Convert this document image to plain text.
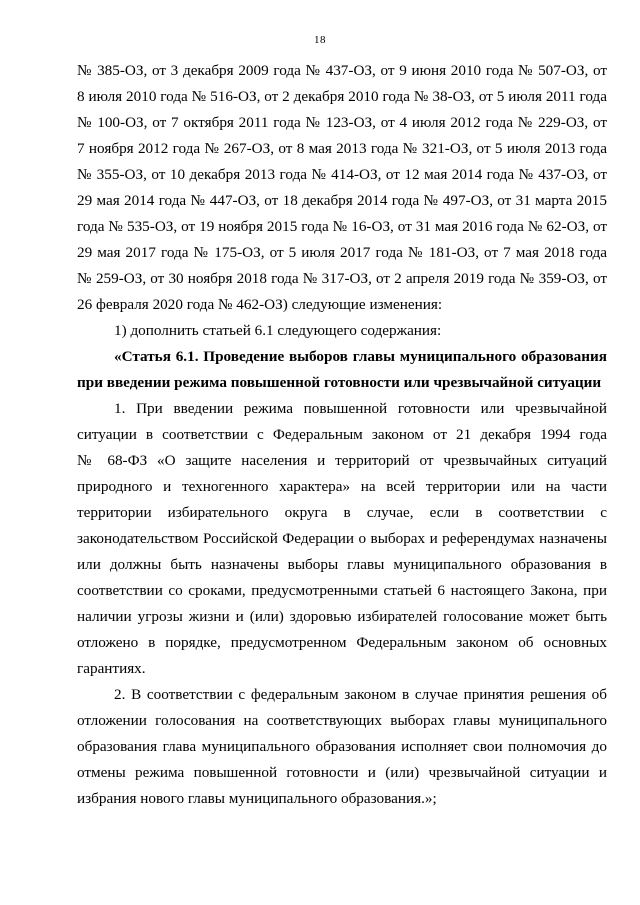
18
№ 385-ОЗ, от 3 декабря 2009 года № 437-ОЗ, от 9 июня 2010 года № 507-ОЗ, от
8 июля 2010 года № 516-ОЗ, от 2 декабря 2010 года № 38-ОЗ, от 5 июля 2011 года
№ 100-ОЗ, от 7 октября 2011 года № 123-ОЗ, от 4 июля 2012 года № 229-ОЗ, от
7 ноября 2012 года № 267-ОЗ, от 8 мая 2013 года № 321-ОЗ, от 5 июля 2013 года
№ 355-ОЗ, от 10 декабря 2013 года № 414-ОЗ, от 12 мая 2014 года № 437-ОЗ, от
29 мая 2014 года № 447-ОЗ, от 18 декабря 2014 года № 497-ОЗ, от 31 марта 2015
года № 535-ОЗ, от 19 ноября 2015 года № 16-ОЗ, от 31 мая 2016 года № 62-ОЗ, от
29 мая 2017 года № 175-ОЗ, от 5 июля 2017 года № 181-ОЗ, от 7 мая 2018 года
№ 259-ОЗ, от 30 ноября 2018 года № 317-ОЗ, от 2 апреля 2019 года № 359-ОЗ, от
26 февраля 2020 года № 462-ОЗ) следующие изменения:
1) дополнить статьей 6.1 следующего содержания:
«Статья 6.1. Проведение выборов главы муниципального образования
при введении режима повышенной готовности или чрезвычайной ситуации
1. При введении режима повышенной готовности или чрезвычайной
ситуации в соответствии с Федеральным законом от 21 декабря 1994 года
№ 68-ФЗ «О защите населения и территорий от чрезвычайных ситуаций
природного и техногенного характера» на всей территории или на части
территории избирательного округа в случае, если в соответствии с
законодательством Российской Федерации о выборах и референдумах назначены
или должны быть назначены выборы главы муниципального образования в
соответствии со сроками, предусмотренными статьей 6 настоящего Закона, при
наличии угрозы жизни и (или) здоровью избирателей голосование может быть
отложено в порядке, предусмотренном Федеральным законом об основных
гарантиях.
2. В соответствии с федеральным законом в случае принятия решения об
отложении голосования на соответствующих выборах главы муниципального
образования глава муниципального образования исполняет свои полномочия до
отмены режима повышенной готовности и (или) чрезвычайной ситуации и
избрания нового главы муниципального образования.»;
